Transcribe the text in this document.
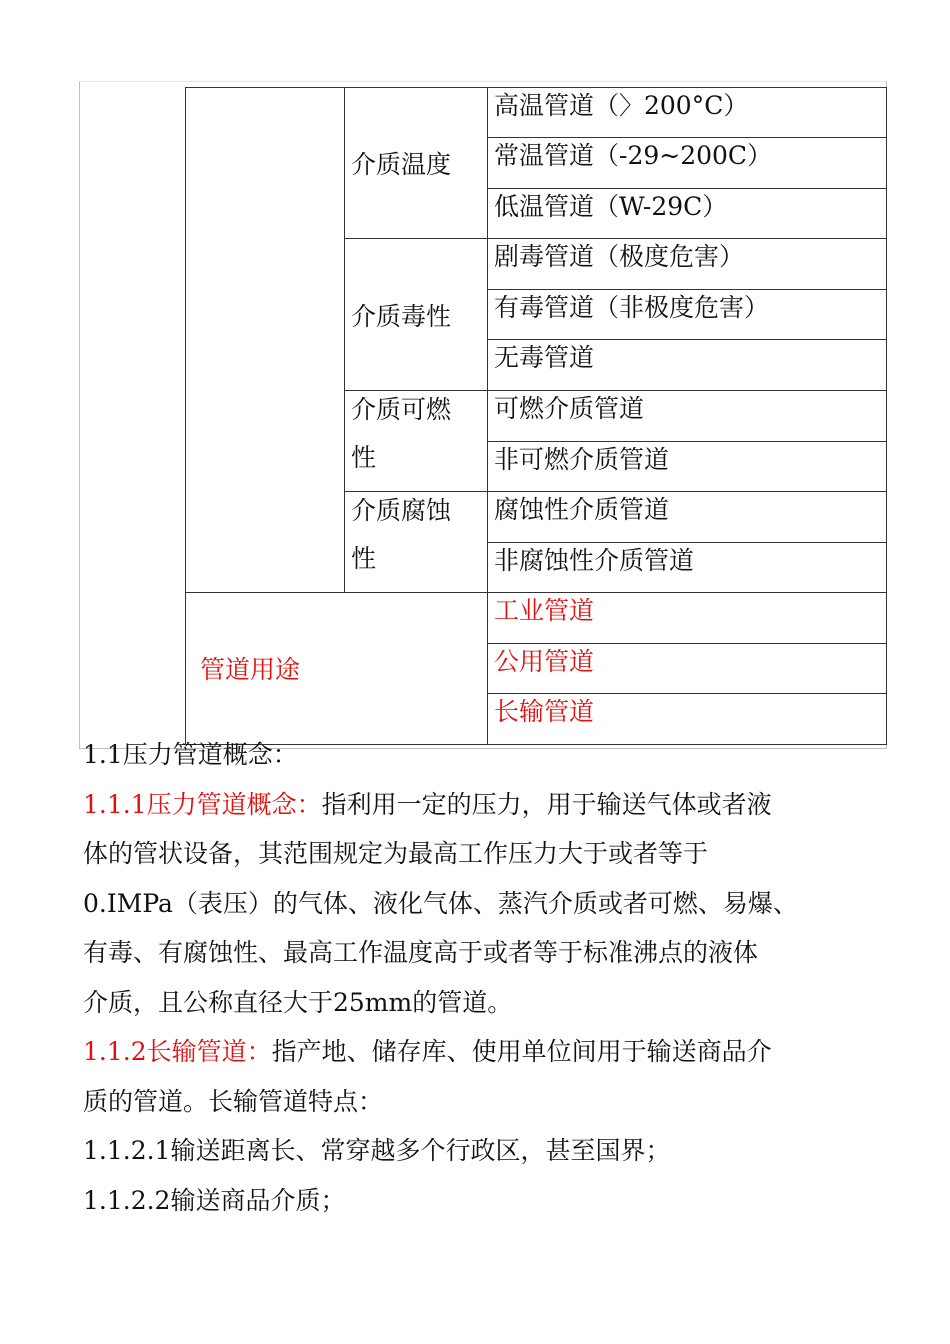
介质温度
介质毒性
介质可燃
性
介质腐蚀
性
管道用途
高温管道（〉200°C）
常温管道（-29~200C）
低温管道（W-29C）
剧毒管道（极度危害）
有毒管道（非极度危害）
无毒管道
可燃介质管道
非可燃介质管道
腐蚀性介质管道
非腐蚀性介质管道
工业管道
公用管道
长输管道

1.1压力管道概念：

1.1.1压力管道概念：指利用一定的压力，用于输送气体或者液

体的管状设备，其范围规定为最高工作压力大于或者等于

0.IMPa（表压）的气体、液化气体、蒸汽介质或者可燃、易爆、

有毒、有腐蚀性、最高工作温度高于或者等于标准沸点的液体

介质，且公称直径大于25mm的管道。

1.1.2长输管道：指产地、储存库、使用单位间用于输送商品介

质的管道。长输管道特点：

1.1.2.1输送距离长、常穿越多个行政区，甚至国界；

1.1.2.2输送商品介质；
